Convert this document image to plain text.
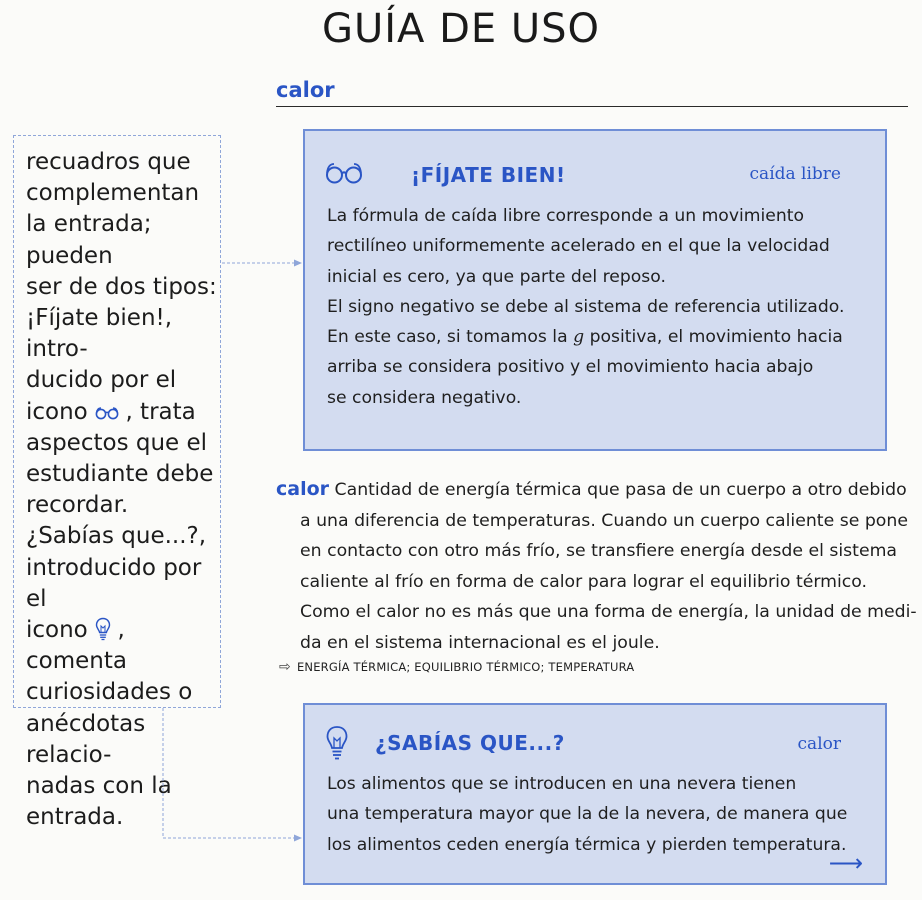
GUÍA DE USO
calor
recuadros que
complementan
la entrada; pueden
ser de dos tipos:
¡Fíjate bien!, intro-
ducido por el
icono , trata
aspectos que el
estudiante debe
recordar.
¿Sabías que...?,
introducido por el
icono , comenta
curiosidades o
anécdotas relacio-
nadas con la
entrada.
¡FÍJATE BIEN!	caída libre

La fórmula de caída libre corresponde a un movimiento

rectilíneo uniformemente acelerado en el que la velocidad

inicial es cero, ya que parte del reposo.

El signo negativo se debe al sistema de referencia utilizado.

En este caso, si tomamos la g positiva, el movimiento hacia

arriba se considera positivo y el movimiento hacia abajo

se considera negativo.

calor Cantidad de energía térmica que pasa de un cuerpo a otro debido
a una diferencia de temperaturas. Cuando un cuerpo caliente se pone
en contacto con otro más frío, se transfiere energía desde el sistema
caliente al frío en forma de calor para lograr el equilibrio térmico.
Como el calor no es más que una forma de energía, la unidad de medi-
da en el sistema internacional es el joule.
⇨ ENERGÍA TÉRMICA; EQUILIBRIO TÉRMICO; TEMPERATURA
¿SABÍAS QUE...?	calor

Los alimentos que se introducen en una nevera tienen

una temperatura mayor que la de la nevera, de manera que

los alimentos ceden energía térmica y pierden temperatura.

⟶
